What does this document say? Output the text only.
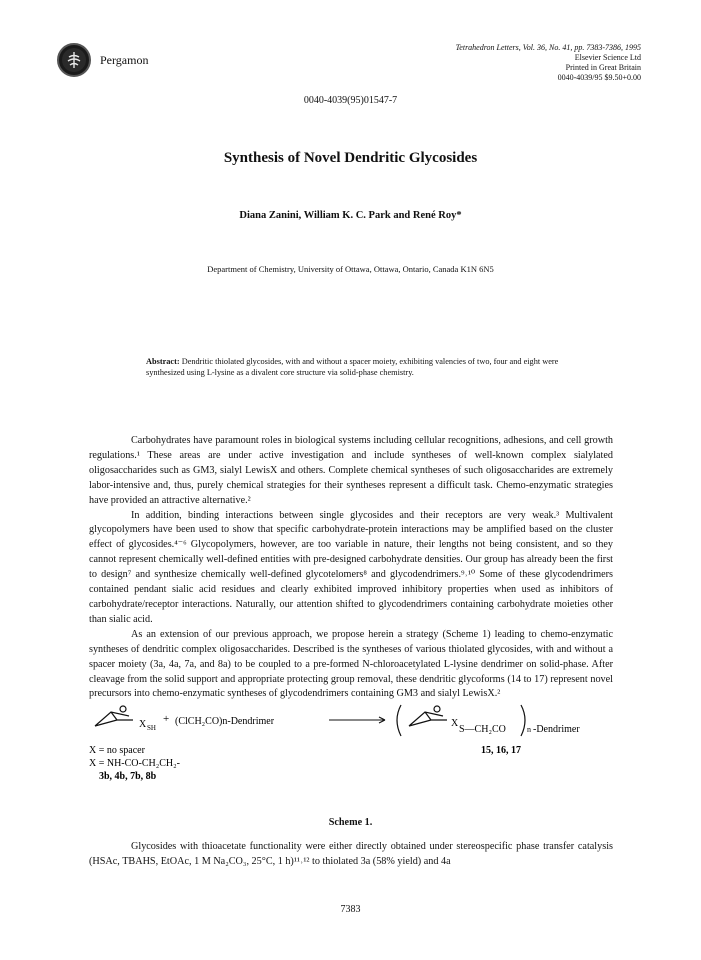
Pergamon
Tetrahedron Letters, Vol. 36, No. 41, pp. 7383-7386, 1995
Elsevier Science Ltd
Printed in Great Britain
0040-4039/95 $9.50+0.00
0040-4039(95)01547-7
Synthesis of Novel Dendritic Glycosides
Diana Zanini, William K. C. Park and René Roy*
Department of Chemistry, University of Ottawa, Ottawa, Ontario, Canada K1N 6N5
Abstract: Dendritic thiolated glycosides, with and without a spacer moiety, exhibiting valencies of two, four and eight were synthesized using L-lysine as a divalent core structure via solid-phase chemistry.

Carbohydrates have paramount roles in biological systems including cellular recognitions, adhesions, and cell growth regulations.¹ These areas are under active investigation and include syntheses of well-known complex sialylated oligosaccharides such as GM3, sialyl LewisX and others. Complete chemical syntheses of such oligosaccharides are extremely labor-intensive and, thus, purely chemical strategies for their syntheses represent a difficult task. Chemo-enzymatic strategies have provided an attractive alternative.²

In addition, binding interactions between single glycosides and their receptors are very weak.³ Multivalent glycopolymers have been used to show that specific carbohydrate-protein interactions may be amplified based on the cluster effect of glycosides.⁴⁻⁶ Glycopolymers, however, are too variable in nature, their lengths not being consistent, and so they cannot represent chemically well-defined entities with pre-designed carbohydrate densities. Our group has already been the first to design⁷ and synthesize chemically well-defined glycotelomers⁸ and glycodendrimers.⁹˒¹⁰ Some of these glycodendrimers contained pendant sialic acid residues and clearly exhibited improved inhibitory properties when used as inhibitors of carbohydrate/receptor interactions. Naturally, our attention shifted to glycodendrimers containing carbohydrate moieties other than sialic acid.

As an extension of our previous approach, we propose herein a strategy (Scheme 1) leading to chemo-enzymatic syntheses of dendritic complex oligosaccharides. Described is the syntheses of various thiolated glycosides, with and without a spacer moiety (3a, 4a, 7a, and 8a) to be coupled to a pre-formed N-chloroacetylated L-lysine dendrimer on solid-phase. After cleavage from the solid support and appropriate protecting group removal, these dendritic glycoforms (14 to 17) represent novel precursors into chemo-enzymatic syntheses of glycodendrimers containing GM3 and sialyl LewisX.²

X SH
+ (ClCH₂CO)n-Dendrimer	X
S—CH₂CO	n -Dendrimer
X = no spacer
X = NH-CO-CH₂CH₂-
3b, 4b, 7b, 8b
15, 16, 17
Scheme 1.

Glycosides with thioacetate functionality were either directly obtained under stereospecific phase transfer catalysis (HSAc, TBAHS, EtOAc, 1 M Na₂CO₃, 25°C, 1 h)¹¹˒¹² to thiolated 3a (58% yield) and 4a

7383
